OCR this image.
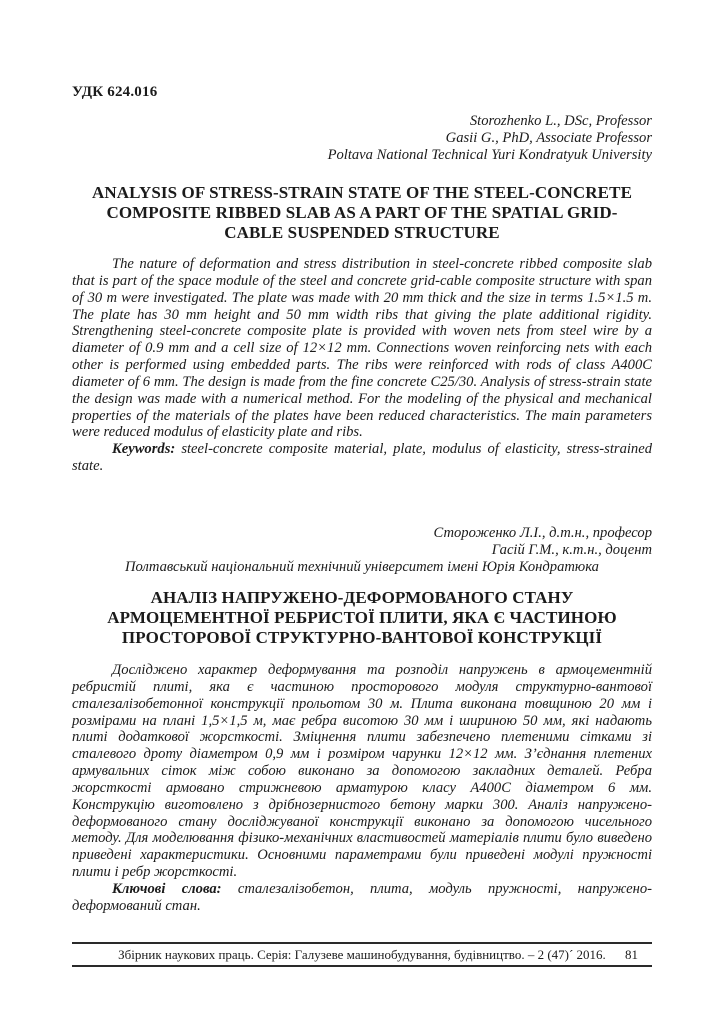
УДК 624.016
Storozhenko L., DSc, Professor
Gasii G., PhD, Associate Professor
Poltava National Technical Yuri Kondratyuk University
ANALYSIS OF STRESS-STRAIN STATE OF THE STEEL-CONCRETE
COMPOSITE RIBBED SLAB AS A PART OF THE SPATIAL GRID-
CABLE SUSPENDED STRUCTURE

The nature of deformation and stress distribution in steel-concrete ribbed composite slab that is part of the space module of the steel and concrete grid-cable composite structure with span of 30 m were investigated. The plate was made with 20 mm thick and the size in terms 1.5×1.5 m. The plate has 30 mm height and 50 mm width ribs that giving the plate additional rigidity. Strengthening steel-concrete composite plate is provided with woven nets from steel wire by a diameter of 0.9 mm and a cell size of 12×12 mm. Connections woven reinforcing nets with each other is performed using embedded parts. The ribs were reinforced with rods of class A400C diameter of 6 mm. The design is made from the fine concrete C25/30. Analysis of stress-strain state the design was made with a numerical method. For the modeling of the physical and mechanical properties of the materials of the plates have been reduced characteristics. The main parameters were reduced modulus of elasticity plate and ribs.

Keywords: steel-concrete composite material, plate, modulus of elasticity, stress-strained state.

Стороженко Л.І., д.т.н., професор
Гасій Г.М., к.т.н., доцент
Полтавський національний технічний університет імені Юрія Кондратюка
АНАЛІЗ НАПРУЖЕНО-ДЕФОРМОВАНОГО СТАНУ
АРМОЦЕМЕНТНОЇ РЕБРИСТОЇ ПЛИТИ, ЯКА Є ЧАСТИНОЮ
ПРОСТОРОВОЇ СТРУКТУРНО-ВАНТОВОЇ КОНСТРУКЦІЇ

Досліджено характер деформування та розподіл напружень в армоцементній ребристій плиті, яка є частиною просторового модуля структурно-вантової сталезалізобетонної конструкції прольотом 30 м. Плита виконана товщиною 20 мм і розмірами на плані 1,5×1,5 м, має ребра висотою 30 мм і шириною 50 мм, які надають плиті додаткової жорсткості. Зміцнення плити забезпечено плетеними сітками зі сталевого дроту діаметром 0,9 мм і розміром чарунки 12×12 мм. З’єднання плетених армувальних сіток між собою виконано за допомогою закладних деталей. Ребра жорсткості армовано стрижневою арматурою класу А400С діаметром 6 мм. Конструкцію виготовлено з дрібнозернистого бетону марки 300. Аналіз напружено-деформованого стану досліджуваної конструкції виконано за допомогою чисельного методу. Для моделювання фізико-механічних властивостей матеріалів плити було виведено приведені характеристики. Основними параметрами були приведені модулі пружності плити і ребр жорсткості.

Ключові слова: сталезалізобетон, плита, модуль пружності, напружено-деформований стан.

Збірник наукових праць. Серія: Галузеве машинобудування, будівництво. – 2 (47)´ 2016.	81
